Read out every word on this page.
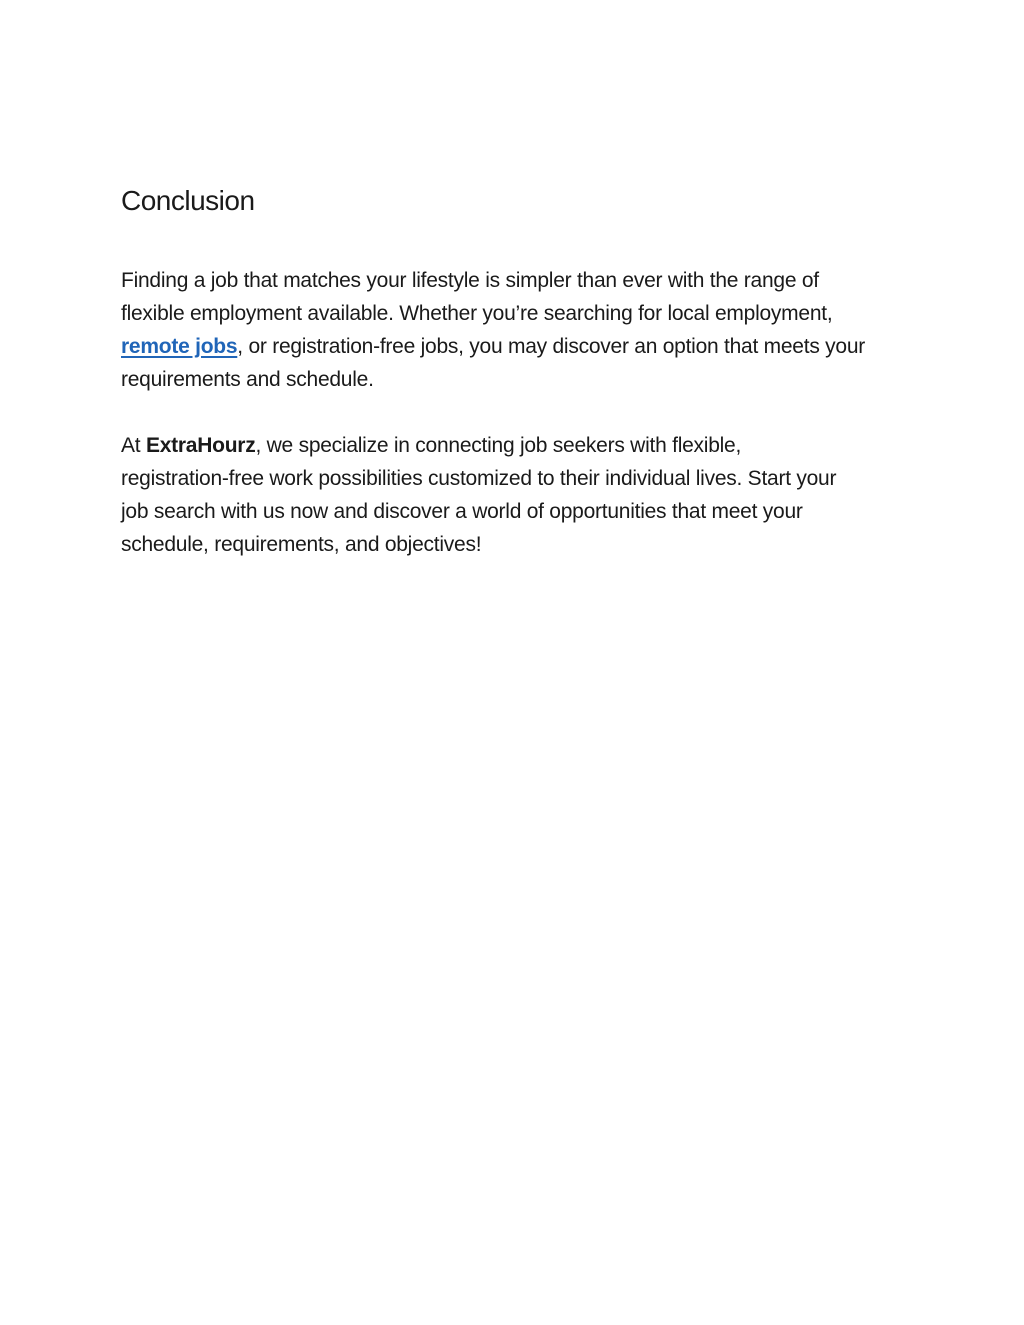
Conclusion
Finding a job that matches your lifestyle is simpler than ever with the range of
flexible employment available. Whether you’re searching for local employment,
remote jobs, or registration-free jobs, you may discover an option that meets your
requirements and schedule.
At ExtraHourz, we specialize in connecting job seekers with flexible,
registration-free work possibilities customized to their individual lives. Start your
job search with us now and discover a world of opportunities that meet your
schedule, requirements, and objectives!
